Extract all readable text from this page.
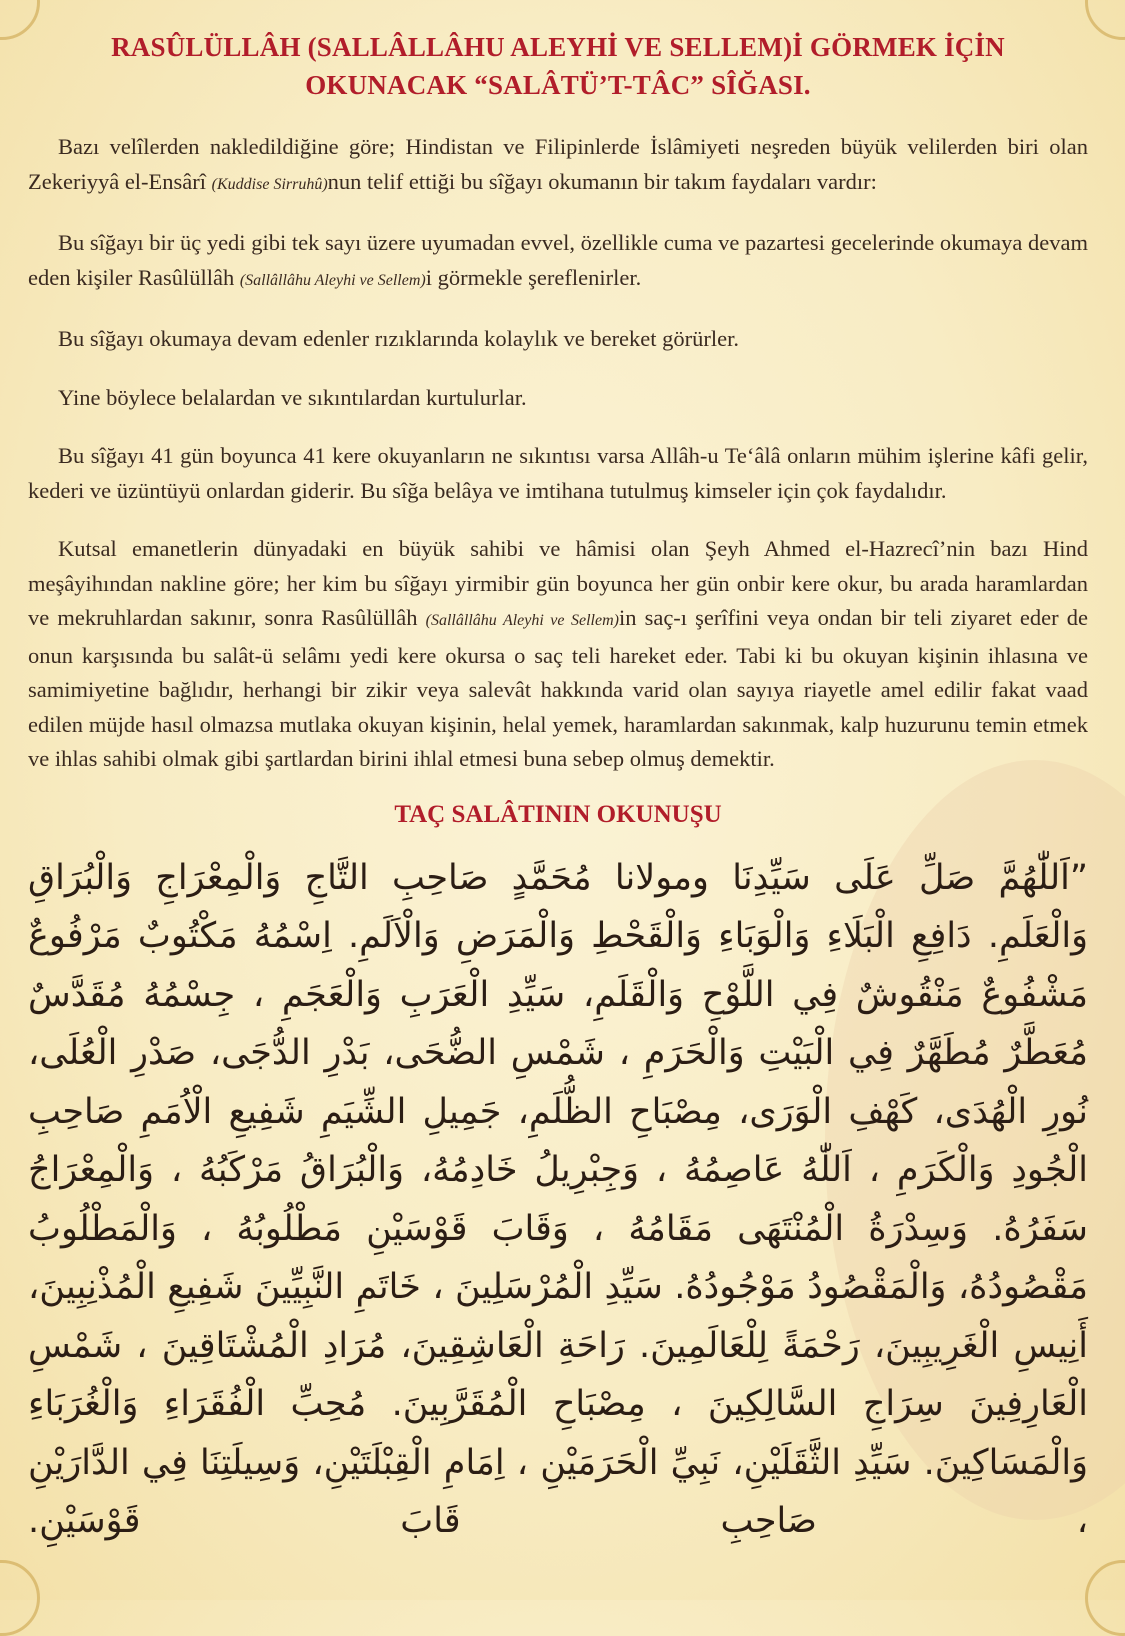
RASÛLÜLLÂH (SALLÂLLÂHU ALEYHİ VE SELLEM)İ GÖRMEK İÇİN
OKUNACAK “SALÂTÜ’T-TÂC” SÎĞASI.

Bazı velîlerden nakledildiğine göre; Hindistan ve Filipinlerde İslâmiyeti neşreden büyük velilerden biri olan Zekeriyyâ el-Ensârî (Kuddise Sirruhû)nun telif ettiği bu sîğayı okumanın bir takım faydaları vardır:

Bu sîğayı bir üç yedi gibi tek sayı üzere uyumadan evvel, özellikle cuma ve pazartesi gecelerinde okumaya devam eden kişiler Rasûlüllâh (Sallâllâhu Aleyhi ve Sellem)i görmekle şereflenirler.

Bu sîğayı okumaya devam edenler rızıklarında kolaylık ve bereket görürler.

Yine böylece belalardan ve sıkıntılardan kurtulurlar.

Bu sîğayı 41 gün boyunca 41 kere okuyanların ne sıkıntısı varsa Allâh-u Te‘âlâ onların mühim işlerine kâfi gelir, kederi ve üzüntüyü onlardan giderir. Bu sîğa belâya ve imtihana tutulmuş kimseler için çok faydalıdır.

Kutsal emanetlerin dünyadaki en büyük sahibi ve hâmisi olan Şeyh Ahmed el-Hazrecî’nin bazı Hind meşâyihından nakline göre; her kim bu sîğayı yirmibir gün boyunca her gün onbir kere okur, bu arada haramlardan ve mekruhlardan sakınır, sonra Rasûlüllâh (Sallâllâhu Aleyhi ve Sellem)in saç-ı şerîfini veya ondan bir teli ziyaret eder de onun karşısında bu salât-ü selâmı yedi kere okursa o saç teli hareket eder. Tabi ki bu okuyan kişinin ihlasına ve samimiyetine bağlıdır, herhangi bir zikir veya salevât hakkında varid olan sayıya riayetle amel edilir fakat vaad edilen müjde hasıl olmazsa mutlaka okuyan kişinin, helal yemek, haramlardan sakınmak, kalp huzurunu temin etmek ve ihlas sahibi olmak gibi şartlardan birini ihlal etmesi buna sebep olmuş demektir.

TAÇ SALÂTININ OKUNUŞU
”اَللّٰهُمَّ صَلِّ عَلَى سَيِّدِنَا ومولانا مُحَمَّدٍ صَاحِبِ التَّاجِ وَالْمِعْرَاجِ وَالْبُرَاقِ وَالْعَلَمِ. دَافِعِ الْبَلَاءِ وَالْوَبَاءِ وَالْقَحْطِ وَالْمَرَضِ وَالْاَلَمِ. اِسْمُهُ مَكْتُوبٌ مَرْفُوعٌ مَشْفُوعٌ مَنْقُوشٌ فِي اللَّوْحِ وَالْقَلَمِ، سَيِّدِ الْعَرَبِ وَالْعَجَمِ ، جِسْمُهُ مُقَدَّسٌ مُعَطَّرٌ مُطَهَّرٌ فِي الْبَيْتِ وَالْحَرَمِ ، شَمْسِ الضُّحَى، بَدْرِ الدُّجَى، صَدْرِ الْعُلَى، نُورِ الْهُدَى، كَهْفِ الْوَرَى، مِصْبَاحِ الظُّلَمِ، جَمِيلِ الشِّيَمِ شَفِيعِ الْاُمَمِ صَاحِبِ الْجُودِ وَالْكَرَمِ ، اَللّٰهُ عَاصِمُهُ ، وَجِبْرِيلُ خَادِمُهُ، وَالْبُرَاقُ مَرْكَبُهُ ، وَالْمِعْرَاجُ سَفَرُهُ. وَسِدْرَةُ الْمُنْتَهَى مَقَامُهُ ، وَقَابَ قَوْسَيْنِ مَطْلُوبُهُ ، وَالْمَطْلُوبُ مَقْصُودُهُ، وَالْمَقْصُودُ مَوْجُودُهُ. سَيِّدِ الْمُرْسَلِينَ ، خَاتَمِ النَّبِيِّينَ شَفِيعِ الْمُذْنِبِينَ، أَنِيسِ الْغَرِيبِينَ، رَحْمَةً لِلْعَالَمِينَ. رَاحَةِ الْعَاشِقِينَ، مُرَادِ الْمُشْتَاقِينَ ، شَمْسِ الْعَارِفِينَ سِرَاجِ السَّالِكِينَ ، مِصْبَاحِ الْمُقَرَّبِينَ. مُحِبِّ الْفُقَرَاءِ وَالْغُرَبَاءِ وَالْمَسَاكِينَ. سَيِّدِ الثَّقَلَيْنِ، نَبِيِّ الْحَرَمَيْنِ ، اِمَامِ الْقِبْلَتَيْنِ، وَسِيلَتِنَا فِي الدَّارَيْنِ ، صَاحِبِ قَابَ قَوْسَيْنِ.
